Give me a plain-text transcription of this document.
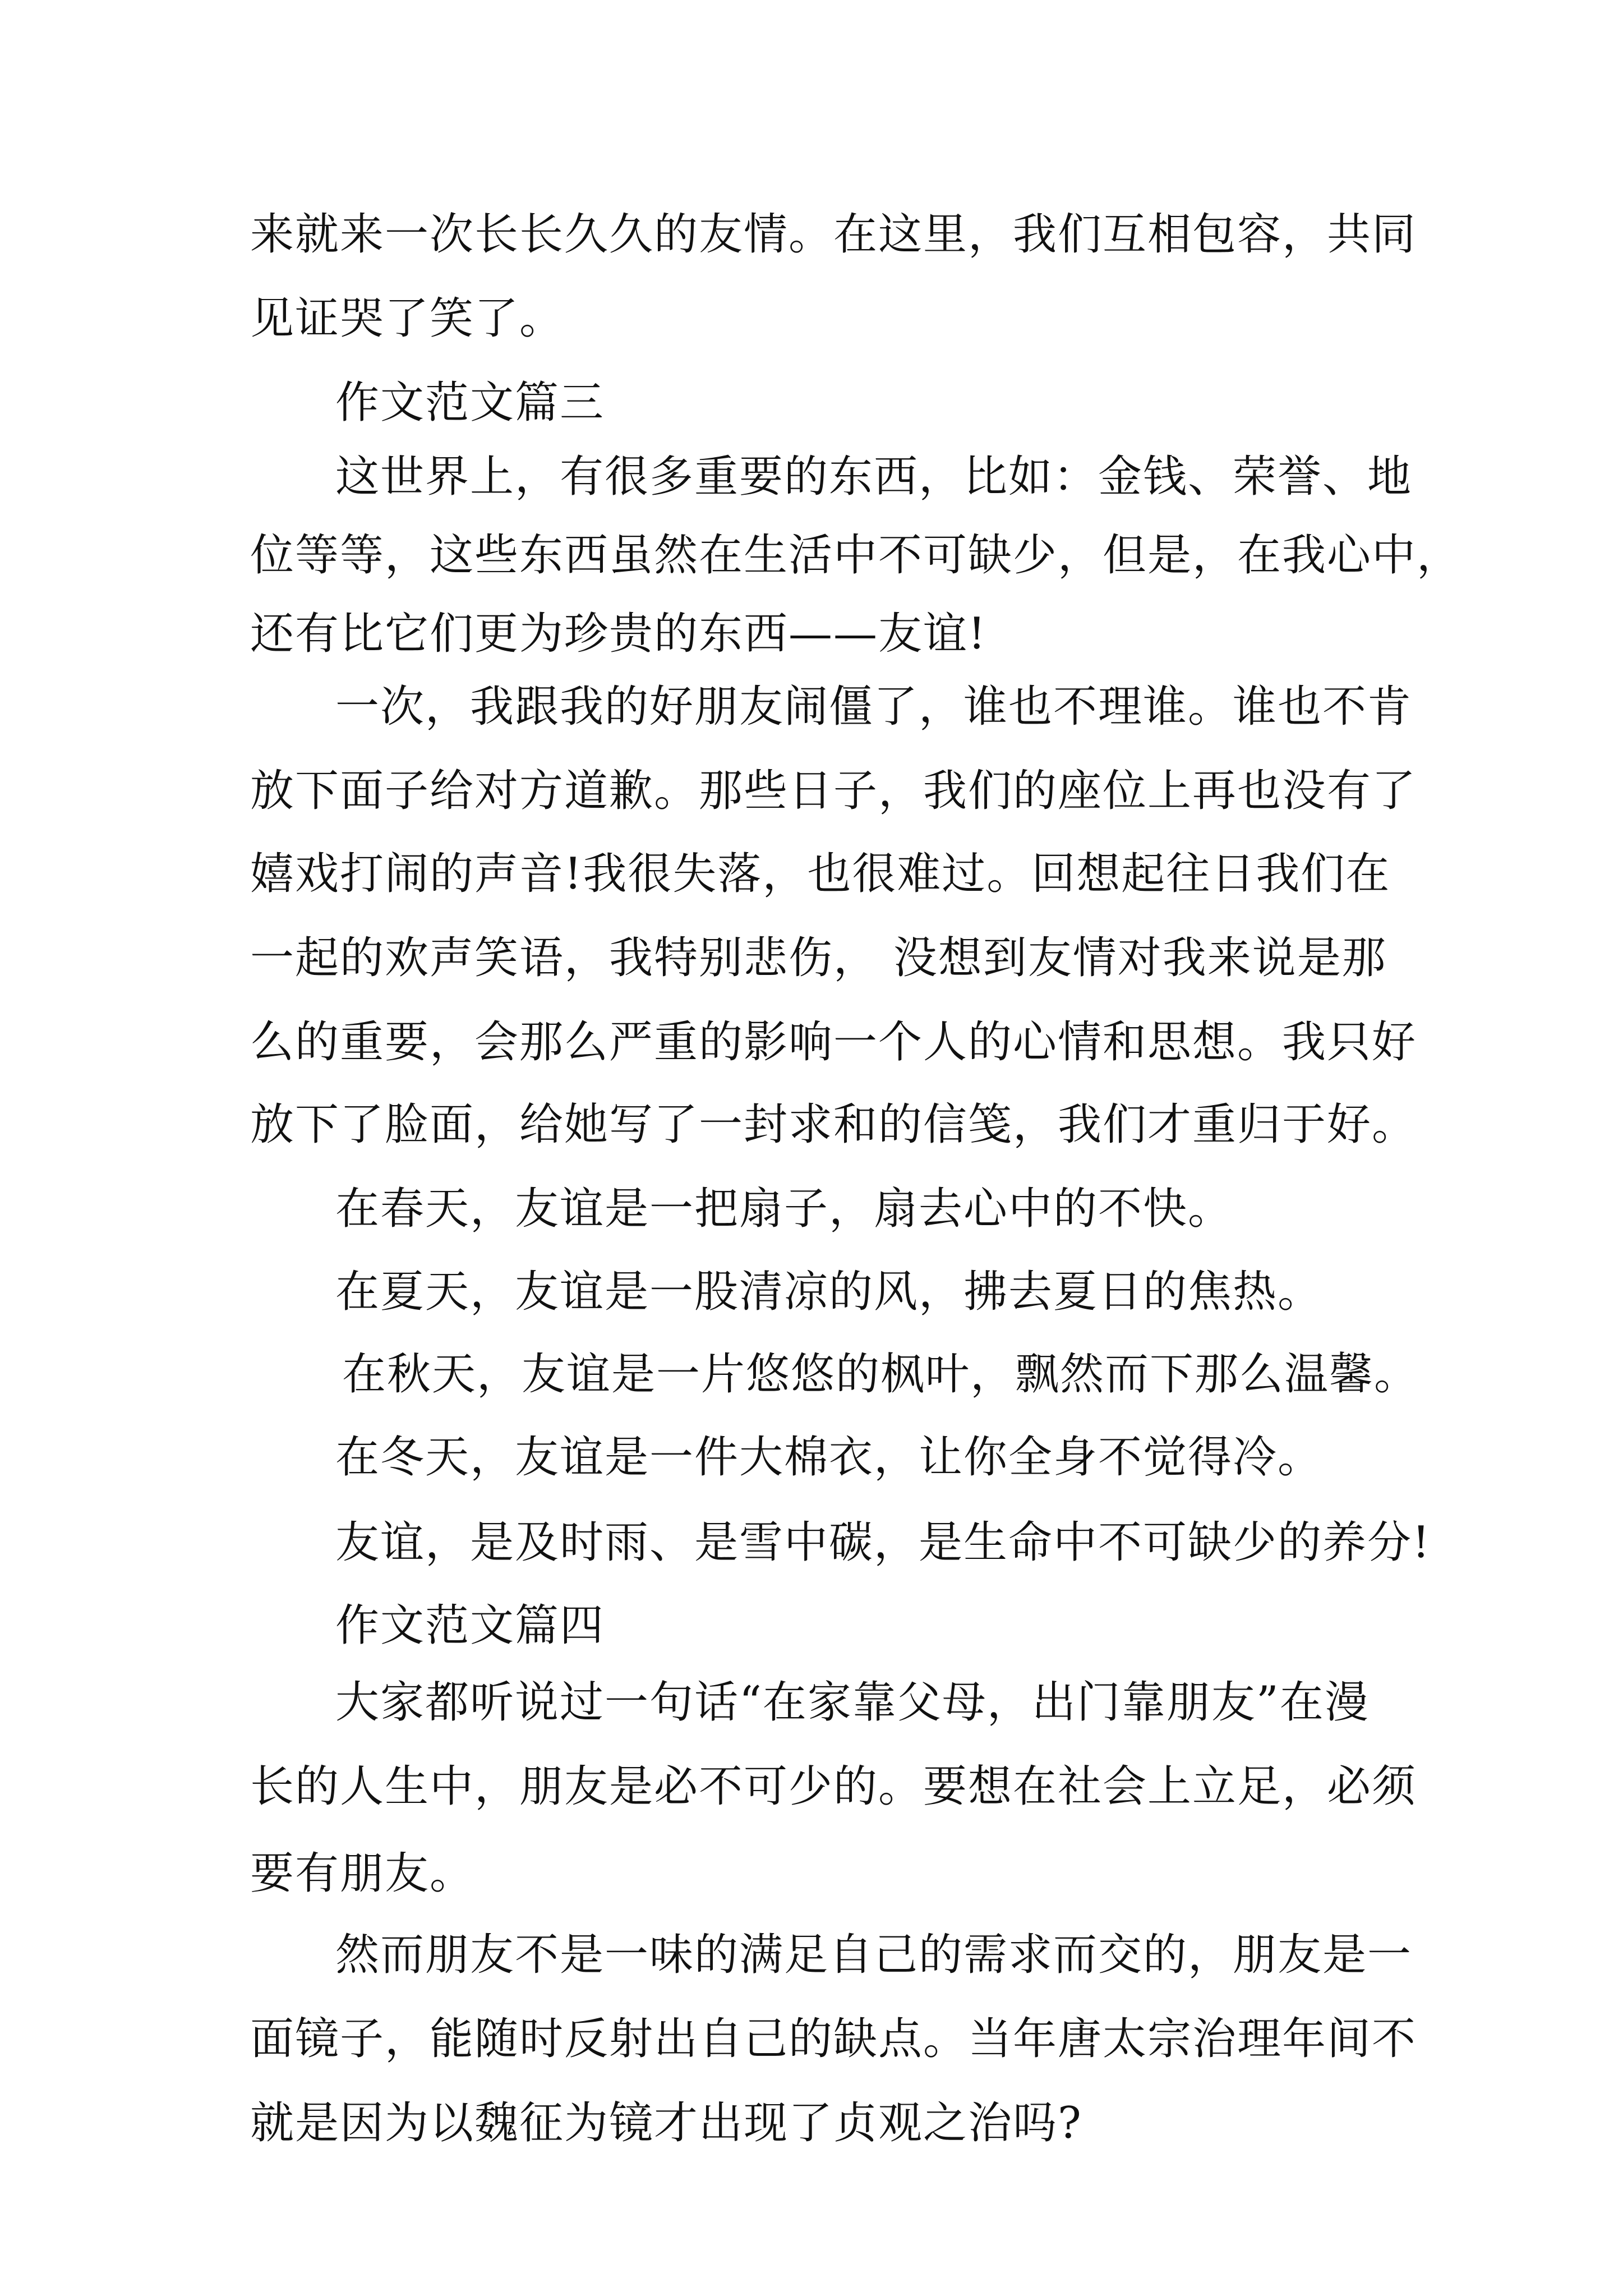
来就来一次长长久久的友情。在这里，我们互相包容，共同
见证哭了笑了。
作文范文篇三
这世界上，有很多重要的东西，比如：金钱、荣誉、地
位等等，这些东西虽然在生活中不可缺少，但是，在我心中，
还有比它们更为珍贵的东西——友谊!
一次，我跟我的好朋友闹僵了，谁也不理谁。谁也不肯
放下面子给对方道歉。那些日子，我们的座位上再也没有了
嬉戏打闹的声音!我很失落，也很难过。回想起往日我们在
一起的欢声笑语，我特别悲伤， 没想到友情对我来说是那
么的重要，会那么严重的影响一个人的心情和思想。我只好
放下了脸面，给她写了一封求和的信笺，我们才重归于好。
在春天，友谊是一把扇子，扇去心中的不快。
在夏天，友谊是一股清凉的风，拂去夏日的焦热。
在秋天，友谊是一片悠悠的枫叶，飘然而下那么温馨。
在冬天，友谊是一件大棉衣，让你全身不觉得冷。
友谊，是及时雨、是雪中碳，是生命中不可缺少的养分!
作文范文篇四
大家都听说过一句话“在家靠父母，出门靠朋友”在漫
长的人生中，朋友是必不可少的。要想在社会上立足，必须
要有朋友。
然而朋友不是一味的满足自己的需求而交的，朋友是一
面镜子，能随时反射出自己的缺点。当年唐太宗治理年间不
就是因为以魏征为镜才出现了贞观之治吗?
